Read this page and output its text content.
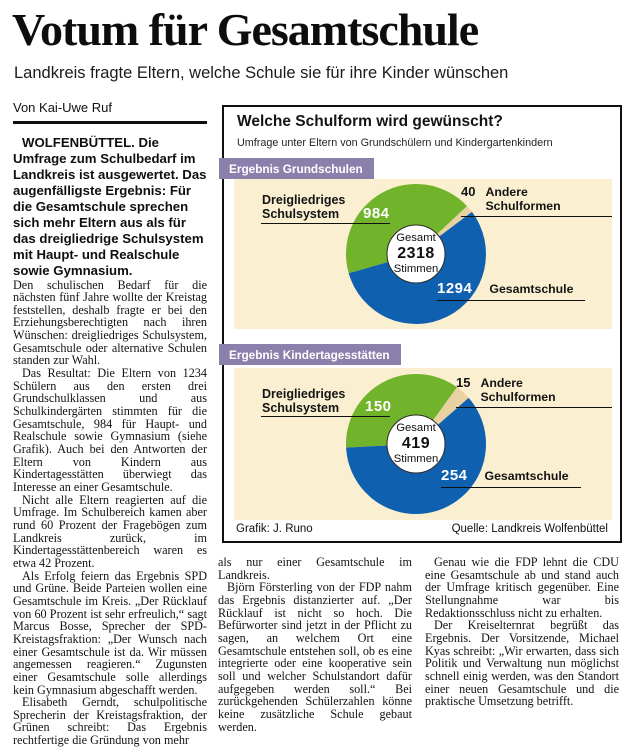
Votum für Gesamtschule
Landkreis fragte Eltern, welche Schule sie für ihre Kinder wünschen
Von Kai-Uwe Ruf

WOLFENBÜTTEL. Die Umfrage zum Schulbedarf im Landkreis ist ausgewertet. Das augenfälligste Ergebnis: Für die Gesamtschule sprechen sich mehr Eltern aus als für das dreigliedrige Schulsystem mit Haupt- und Realschule sowie Gymnasium.

Den schulischen Bedarf für die nächsten fünf Jahre wollte der Kreistag feststellen, deshalb fragte er bei den Erziehungsberechtigten nach ihren Wünschen: dreigliedriges Schulsystem, Gesamtschule oder alternative Schulen standen zur Wahl.

Das Resultat: Die Eltern von 1234 Schülern aus den ersten drei Grundschulklassen und aus Schulkindergärten stimmten für die Gesamtschule, 984 für Haupt- und Realschule sowie Gymnasium (siehe Grafik). Auch bei den Antworten der Eltern von Kindern aus Kindertagesstätten überwiegt das Interesse an einer Gesamtschule.

Nicht alle Eltern reagierten auf die Umfrage. Im Schulbereich kamen aber rund 60 Prozent der Fragebögen zum Landkreis zurück, im Kindertagesstättenbereich waren es etwa 42 Prozent.

Als Erfolg feiern das Ergebnis SPD und Grüne. Beide Parteien wollen eine Gesamtschule im Kreis. „Der Rücklauf von 60 Prozent ist sehr erfreulich,“ sagt Marcus Bosse, Sprecher der SPD-Kreistagsfraktion: „Der Wunsch nach einer Gesamtschule ist da. Wir müssen angemessen reagieren.“ Zugunsten einer Gesamtschule solle allerdings kein Gymnasium abgeschafft werden.

Elisabeth Gerndt, schulpolitische Sprecherin der Kreistagsfraktion, der Grünen schreibt: Das Ergebnis rechtfertige die Gründung von mehr

Welche Schulform wird gewünscht?
Umfrage unter Eltern von Grundschülern und Kindergartenkindern
Ergebnis Grundschulen
Gesamt
2318
Stimmen
Dreigliedriges Schulsystem	984
40 Andere Schulformen
1294 Gesamtschule
Ergebnis Kindertagesstätten
Gesamt
419
Stimmen
Dreigliedriges Schulsystem	150
15 Andere Schulformen
254 Gesamtschule
Grafik: J. Runo	Quelle: Landkreis Wolfenbüttel

als nur einer Gesamtschule im Landkreis.

Björn Försterling von der FDP nahm das Ergebnis distanzierter auf. „Der Rücklauf ist nicht so hoch. Die Befürworter sind jetzt in der Pflicht zu sagen, an welchem Ort eine Gesamtschule entstehen soll, ob es eine integrierte oder eine kooperative sein soll und welcher Schulstandort dafür aufgegeben werden soll.“ Bei zurückgehenden Schülerzahlen könne keine zusätzliche Schule gebaut werden.

Genau wie die FDP lehnt die CDU eine Gesamtschule ab und stand auch der Umfrage kritisch gegenüber. Eine Stellungnahme war bis Redaktionsschluss nicht zu erhalten.

Der Kreiselternrat begrüßt das Ergebnis. Der Vorsitzende, Michael Kyas schreibt: „Wir erwarten, dass sich Politik und Verwaltung nun möglichst schnell einig werden, was den Standort einer neuen Gesamtschule und die praktische Umsetzung betrifft.
